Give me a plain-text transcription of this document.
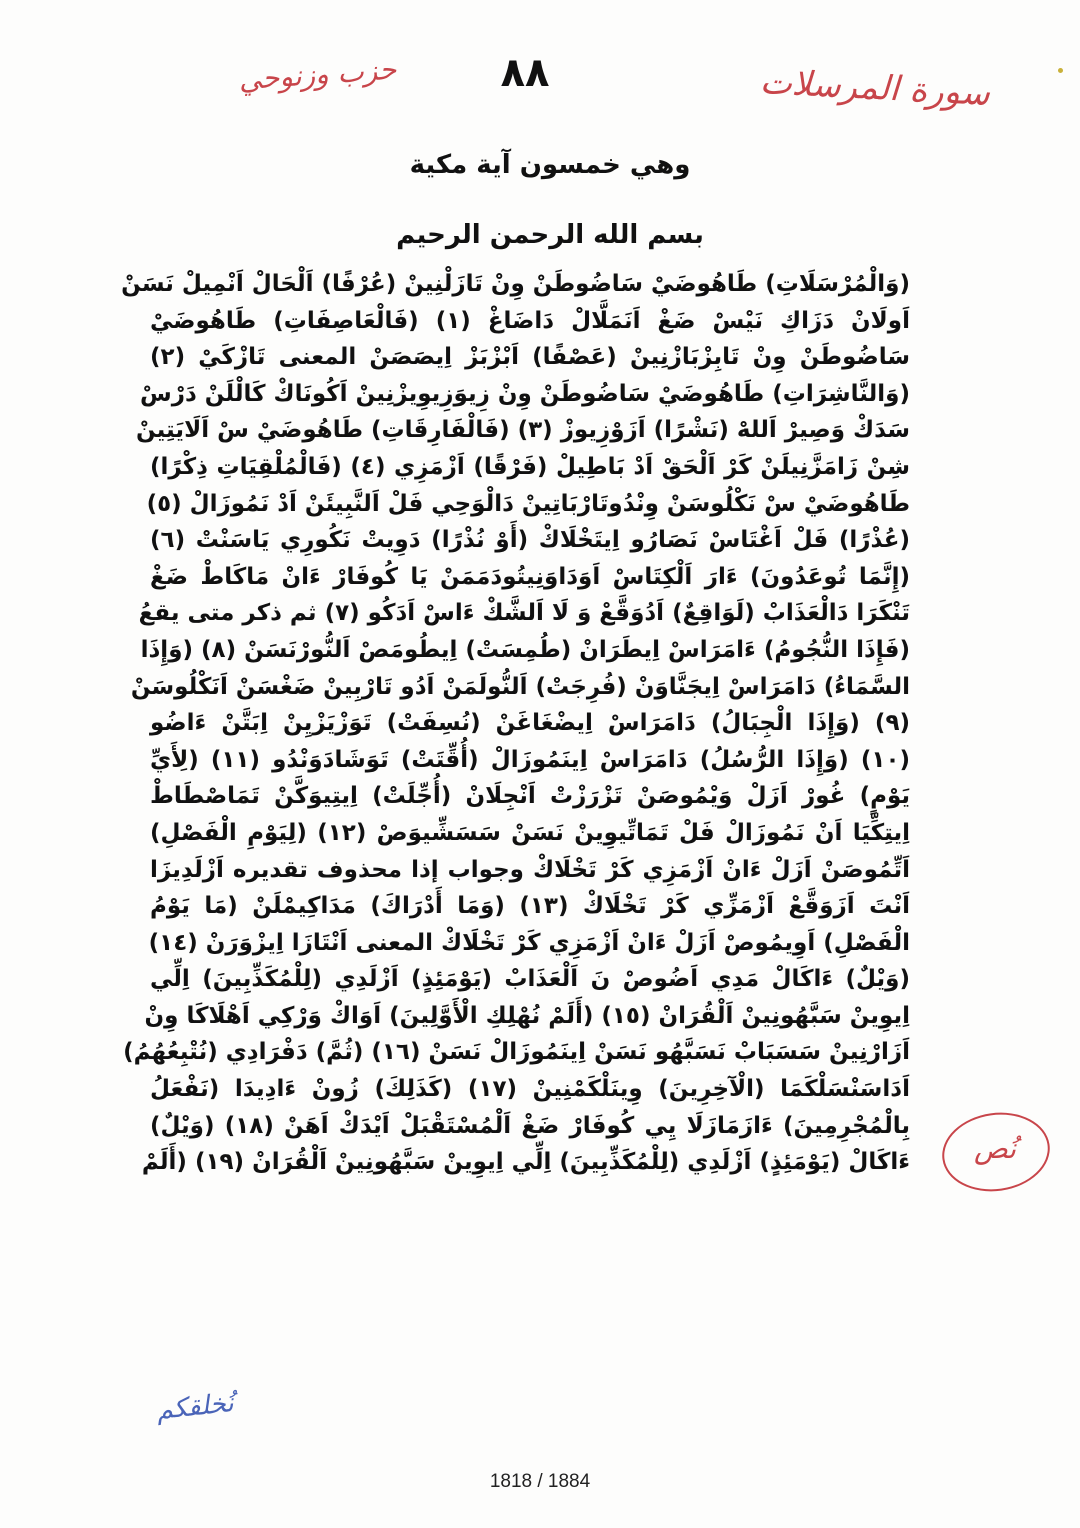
حزب وزنوحي	٨٨	سورة المرسلات
وهي خمسون آية مكية
بسم الله الرحمن الرحيم
(وَالْمُرْسَلَاتِ) طَاهُوضَيْ سَاضُوطَنْ وِنْ تَازَلْنِينْ (عُرْفًا) اَلْحَالْ اَنْمِيلْ نَسَنْ
اَولَانْ دَزَاكِ نَيْسْ ضَغْ اَنَمَلَّالْ دَاضَاغْ (١) (فَالْعَاصِفَاتِ) طَاهُوضَيْ
سَاضُوطَنْ وِنْ تَابِزْبَازْنِينْ (عَصْفًا) اَبْزْبَزْ اِيصَصَنْ المعنى تَازْكَيْ (٢)
(وَالنَّاشِرَاتِ) طَاهُوضَيْ سَاضُوطَنْ وِنْ زِيوَزِيوِيزْنِينْ اَكُونَاكْ كَالْلَنْ دَرْسْ
سَدَكْ وَصِيرْ اَللهْ (نَشْرًا) اَزَوْزِيوزْ (٣) (فَالْفَارِقَاتِ) طَاهُوضَيْ سْ اَلَايَتِينْ
شِنْ زَامَزَّنِيلَنْ كَرْ اَلْحَقْ اَدْ بَاطِيلْ (فَرْقًا) اَزْمَزِي (٤) (فَالْمُلْقِيَاتِ ذِكْرًا)
طَاهُوضَيْ سْ نَكْلُوسَنْ وِنْدُوتَارْبَاتِينْ دَالْوَحِي فَلْ اَلنَّبِيئَنْ اَدْ نَمُوزَالْ (٥)
(عُذْرًا) فَلْ اَغْتَاسْ نَصَارُو اِيتَخْلَاكْ (أَوْ نُذْرًا) دَوِيتْ نَكُورِي يَاسَنْتْ (٦)
(إِنَّمَا تُوعَدُونَ) ءَارَ اَلْكِتَاسْ اَوَدَاوَنِيتُودَمَمَنْ يَا كُوفَارْ ءَانْ مَاكَاطْ ضَغْ
تَنْكَرَا دَالْعَذَابْ (لَوَاقِعٌ) اَدُوَقَّعْ وَ لَا اَلشَّكْ ءَاسْ اَدَكُو (٧) ثم ذكر متى يقعُ
(فَإِذَا النُّجُومُ) ءَامَرَاسْ اِيطَرَانْ (طُمِسَتْ) اِيطُومَصْ اَلنُّورْنَسَنْ (٨) (وَإِذَا
السَّمَاءُ) دَامَرَاسْ اِيجَنَّاوَنْ (فُرِجَتْ) اَلنُّولَمَنْ اَدُو تَارْبِينْ ضَغْسَنْ اَنَكْلُوسَنْ
(٩) (وَإِذَا الْجِبَالُ) دَامَرَاسْ اِيضْغَاغَنْ (نُسِفَتْ) تَوَزْيَزْيِنْ اِبَتَّنْ ءَاضُو
(١٠) (وَإِذَا الرُّسُلُ) دَامَرَاسْ اِينَمُوزَالْ (أُقِّتَتْ) تَوَشَادَوَنْدُو (١١) (لِأَيِّ
يَوْمٍ) غُورْ اَزَلْ وَيْمُوصَنْ تَزْرَزْتْ اَنْجِلَانْ (أُجِّلَتْ) اِيتِيوَكَّنْ تَمَاصْطَاطْ
اِيتِكِّيَا اَنْ نَمُوزَالْ فَلْ تَمَاتِّيوِينْ نَسَنْ سَسَشِّيوَصْ (١٢) (لِيَوْمِ الْفَصْلِ)
اَتِّمُوصَنْ اَزَلْ ءَانْ اَزْمَزِي كَرْ تَخْلَاكْ وجواب إذا محذوف تقديره اَزْلَدِيزَا
اَنْتَ اَزَوَقَّعْ اَزْمَزِّي كَرْ تَخْلَاكْ (١٣) (وَمَا أَدْرَاكَ) مَدَاكِيمْلَنْ (مَا يَوْمُ
الْفَصْلِ) اَوِيمُوصْ اَزَلْ ءَانْ اَزْمَزِي كَرْ تَخْلَاكْ المعنى اَنْتَازَا اِيزْوَرَنْ (١٤)
(وَيْلٌ) ءَاكَالْ مَدِي اَضُوصْ نَ اَلْعَذَابْ (يَوْمَئِذٍ) اَزْلَدِي (لِلْمُكَذِّبِينَ) اِلِّي
اِيوِينْ سَبَّهُونِينْ اَلْقُرَانْ (١٥) (أَلَمْ نُهْلِكِ الْأَوَّلِينَ) اَوَاكْ وَرْكِي اَهْلَاكَا وِنْ
اَزَارْنِينْ سَسَبَابْ نَسَبَّهُو نَسَنْ اِينَمُوزَالْ نَسَنْ (١٦) (ثُمَّ) دَفْرَادِي (نُتْبِعُهُمُ)
اَدَاسَنْسَلْكَمَا (الْآخِرِينَ) وِينَلْكَمْنِينْ (١٧) (كَذَلِكَ) زُونْ ءَادِيدَا (نَفْعَلُ
بِالْمُجْرِمِينَ) ءَازَمَازَلَا يِي كُوفَارْ ضَغْ اَلْمُسْتَقْبَلْ اَيْدَكْ اَهَنْ (١٨) (وَيْلٌ)
ءَاكَالْ (يَوْمَئِذٍ) اَزْلَدِي (لِلْمُكَذِّبِينَ) اِلِّي اِيوِينْ سَبَّهُونِينْ اَلْقُرَانْ (١٩) (أَلَمْ	نُص
نُخلقكم
1818 / 1884
